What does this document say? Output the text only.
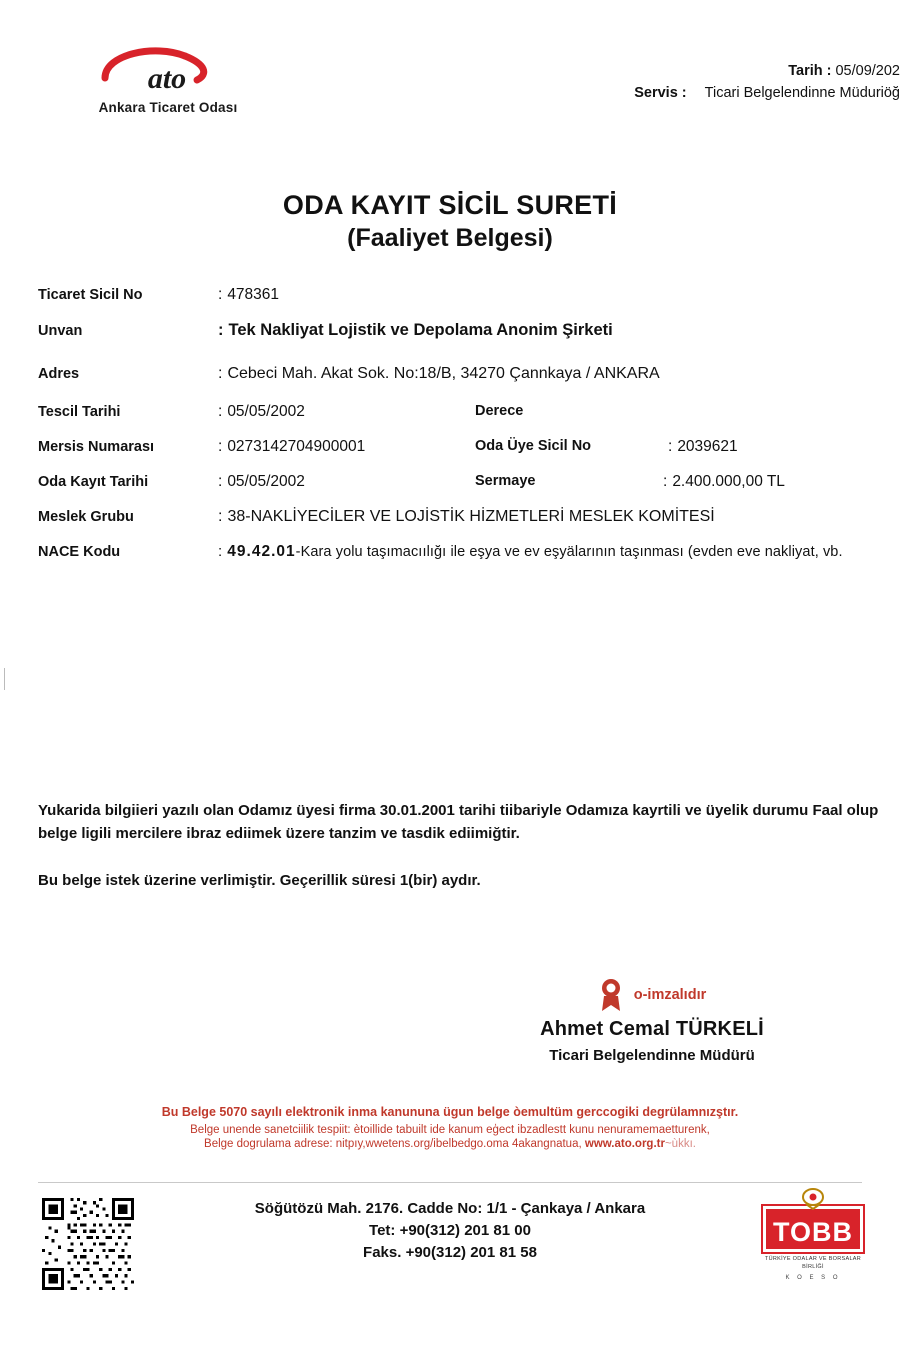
ato
Ankara Ticaret Odası
Tarih : 05/09/202
Servis : Ticari Belgelendinne Müduriöğ
ODA KAYIT SİCİL SURETİ
(Faaliyet Belgesi)
Ticaret Sicil No	: 478361
Unvan	: Tek Nakliyat Lojistik ve Depolama Anonim Şirketi
Adres	: Cebeci Mah. Akat Sok. No:18/B, 34270 Çannkaya / ANKARA
Tescil Tarihi	: 05/05/2002	Derece
Mersis Numarası	: 0273142704900001	Oda Üye Sicil No	: 2039621
Oda Kayıt Tarihi	: 05/05/2002	Sermaye	: 2.400.000,00 TL
Meslek Grubu	: 38-NAKLİYECİLER VE LOJİSTİK HİZMETLERİ MESLEK KOMİTESİ
NACE Kodu	: 49.42.01-Kara yolu taşımacıılığı ile eşya ve ev eşyälarının taşınması (evden eve nakliyat, vb.
Yukarida bilgiieri yazılı olan Odamız üyesi firma 30.01.2001 tarihi tiibariyle Odamıza kayrtili ve üyelik durumu Faal olup belge ligili mercilere ibraz ediimek üzere tanzim ve tasdik ediimiğtir.
Bu belge istek üzerine verlimiştir. Geçerillik süresi 1(bir) aydır.
o-imzalıdır
Ahmet Cemal TÜRKELİ
Ticari Belgelendinne Müdürü
Bu Belge 5070 sayılı elektronik inma kanununa ügun belge òemultüm gerccogiki degrülamnızştır.
Belge unende sanetciilik tespiit: ètoillide tabuilt ide kanum eģect ibzadlestt kunu nenuramemaetturenk,
Belge dogrulama adrese: nitpıy,wwetens.org/ibelbedgo.oma 4akangnatua, www.ato.org.tr~ùkkı.
Söğütözü Mah. 2176. Cadde No: 1/1 - Çankaya / Ankara
Tet: +90(312) 201 81 00
Faks. +90(312) 201 81 58
TOBB
TÜRKİYE ODALAR VE BORSALAR BİRLİĞİ
K O E S O
